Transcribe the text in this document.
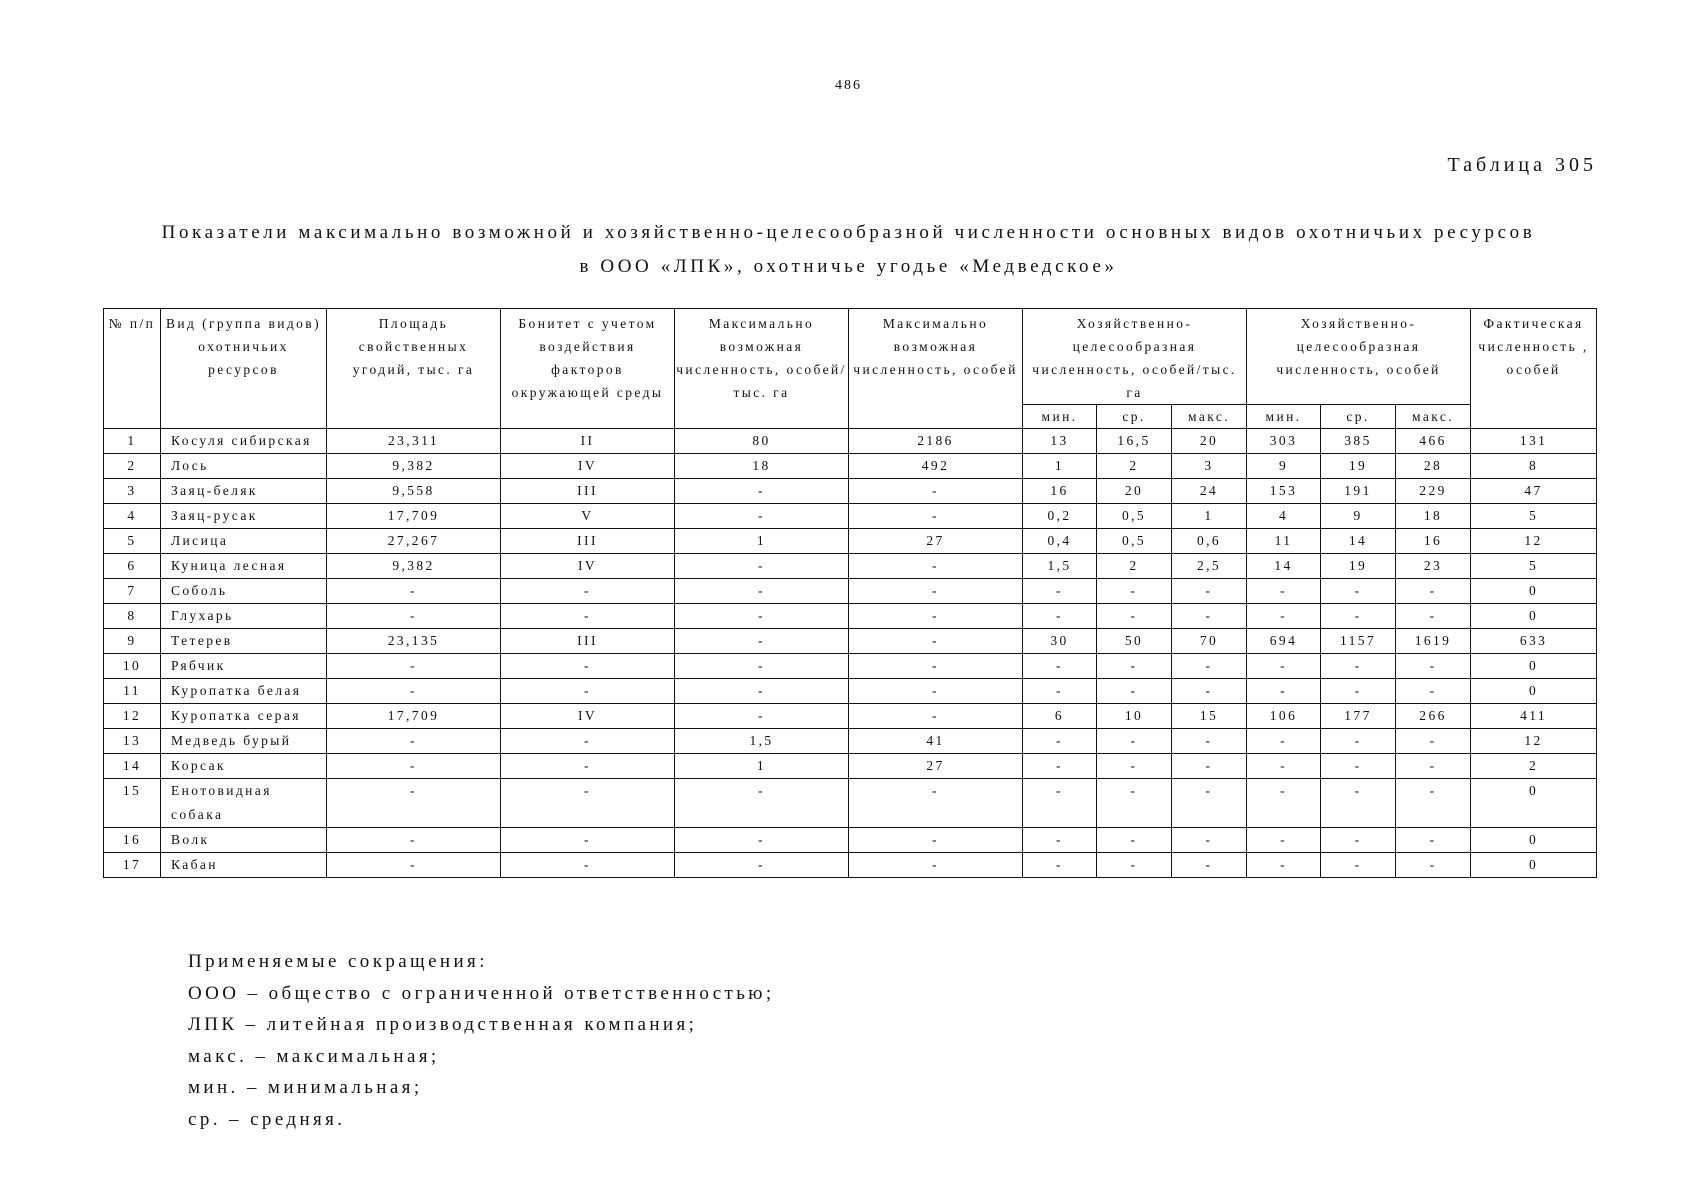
486
Таблица 305
Показатели максимально возможной и хозяйственно-целесообразной численности основных видов охотничьих ресурсов
в ООО «ЛПК», охотничье угодье «Медведское»
№ п/п	Вид (группа видов) охотничьих ресурсов	Площадь свойственных угодий, тыс. га	Бонитет с учетом воздействия факторов окружающей среды	Максимально возможная численность, особей/тыс. га	Максимально возможная численность, особей	Хозяйственно-целесообразная численность, особей/тыс. га			Хозяйственно-целесообразная численность, особей			Фактическая численность , особей
						мин.	ср.	макс.	мин.	ср.	макс.	
1	Косуля сибирская	23,311	II	80	2186	13	16,5	20	303	385	466	131
2	Лось	9,382	IV	18	492	1	2	3	9	19	28	8
3	Заяц-беляк	9,558	III	-	-	16	20	24	153	191	229	47
4	Заяц-русак	17,709	V	-	-	0,2	0,5	1	4	9	18	5
5	Лисица	27,267	III	1	27	0,4	0,5	0,6	11	14	16	12
6	Куница лесная	9,382	IV	-	-	1,5	2	2,5	14	19	23	5
7	Соболь	-	-	-	-	-	-	-	-	-	-	0
8	Глухарь	-	-	-	-	-	-	-	-	-	-	0
9	Тетерев	23,135	III	-	-	30	50	70	694	1157	1619	633
10	Рябчик	-	-	-	-	-	-	-	-	-	-	0
11	Куропатка белая	-	-	-	-	-	-	-	-	-	-	0
12	Куропатка серая	17,709	IV	-	-	6	10	15	106	177	266	411
13	Медведь бурый	-	-	1,5	41	-	-	-	-	-	-	12
14	Корсак	-	-	1	27	-	-	-	-	-	-	2
15	Енотовидная собака	-	-	-	-	-	-	-	-	-	-	0
16	Волк	-	-	-	-	-	-	-	-	-	-	0
17	Кабан	-	-	-	-	-	-	-	-	-	-	0
Применяемые сокращения:
ООО – общество с ограниченной ответственностью;
ЛПК – литейная производственная компания;
макс. – максимальная;
мин. – минимальная;
ср. – средняя.
